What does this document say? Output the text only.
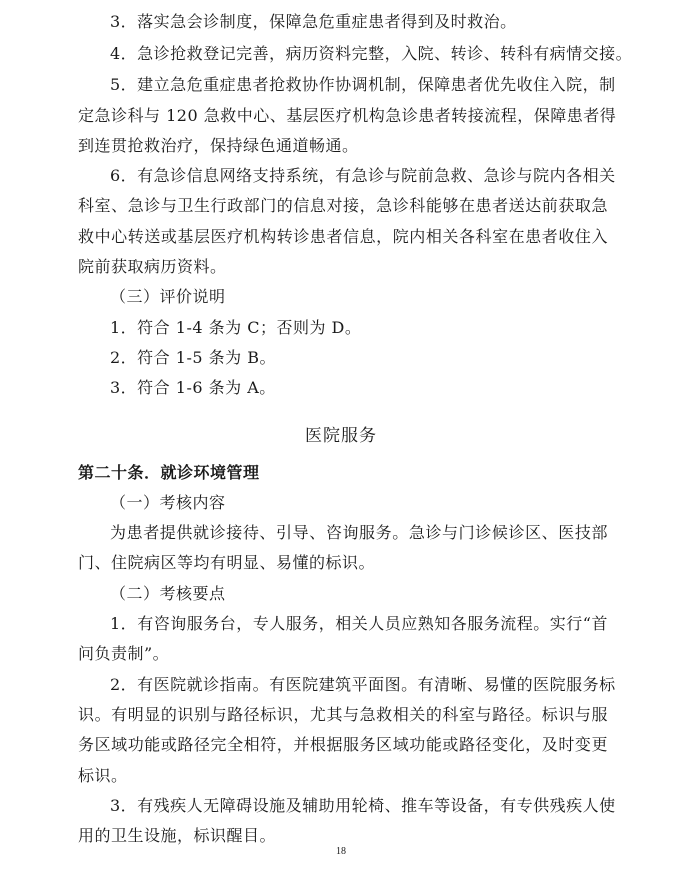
3．落实急会诊制度，保障急危重症患者得到及时救治。
4．急诊抢救登记完善，病历资料完整，入院、转诊、转科有病情交接。
5．建立急危重症患者抢救协作协调机制，保障患者优先收住入院，制
定急诊科与 120 急救中心、基层医疗机构急诊患者转接流程，保障患者得
到连贯抢救治疗，保持绿色通道畅通。
6．有急诊信息网络支持系统，有急诊与院前急救、急诊与院内各相关
科室、急诊与卫生行政部门的信息对接，急诊科能够在患者送达前获取急
救中心转送或基层医疗机构转诊患者信息，院内相关各科室在患者收住入
院前获取病历资料。
（三）评价说明
1．符合 1-4 条为 C；否则为 D。
2．符合 1-5 条为 B。
3．符合 1-6 条为 A。
医院服务
第二十条．就诊环境管理
（一）考核内容
为患者提供就诊接待、引导、咨询服务。急诊与门诊候诊区、医技部
门、住院病区等均有明显、易懂的标识。
（二）考核要点
1．有咨询服务台，专人服务，相关人员应熟知各服务流程。实行“首
问负责制”。
2．有医院就诊指南。有医院建筑平面图。有清晰、易懂的医院服务标
识。有明显的识别与路径标识，尤其与急救相关的科室与路径。标识与服
务区域功能或路径完全相符，并根据服务区域功能或路径变化，及时变更
标识。
3．有残疾人无障碍设施及辅助用轮椅、推车等设备，有专供残疾人使
用的卫生设施，标识醒目。
18
